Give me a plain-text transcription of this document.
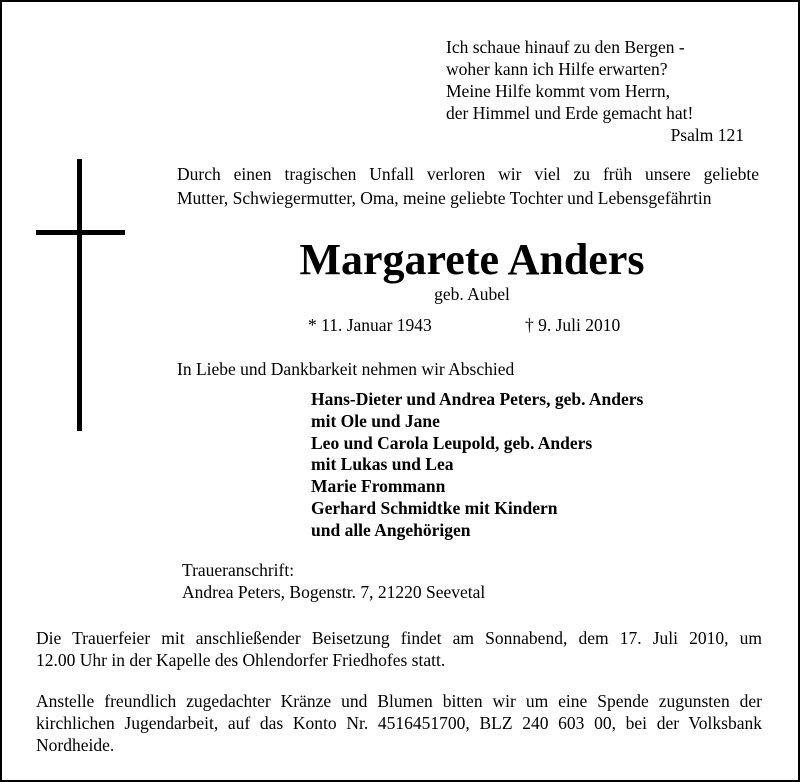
Ich schaue hinauf zu den Bergen -
woher kann ich Hilfe erwarten?
Meine Hilfe kommt vom Herrn,
der Himmel und Erde gemacht hat!
Psalm 121
Durch einen tragischen Unfall verloren wir viel zu früh unsere geliebte
Mutter, Schwiegermutter, Oma, meine geliebte Tochter und Lebensgefährtin
Margarete Anders
geb. Aubel
* 11. Januar 1943	† 9. Juli 2010
In Liebe und Dankbarkeit nehmen wir Abschied
Hans-Dieter und Andrea Peters, geb. Anders
mit Ole und Jane
Leo und Carola Leupold, geb. Anders
mit Lukas und Lea
Marie Frommann
Gerhard Schmidtke mit Kindern
und alle Angehörigen
Traueranschrift:
Andrea Peters, Bogenstr. 7, 21220 Seevetal
Die Trauerfeier mit anschließender Beisetzung findet am Sonnabend, dem 17. Juli 2010, um
12.00 Uhr in der Kapelle des Ohlendorfer Friedhofes statt.
Anstelle freundlich zugedachter Kränze und Blumen bitten wir um eine Spende zugunsten der
kirchlichen Jugendarbeit, auf das Konto Nr. 4516451700, BLZ 240 603 00, bei der Volksbank
Nordheide.
